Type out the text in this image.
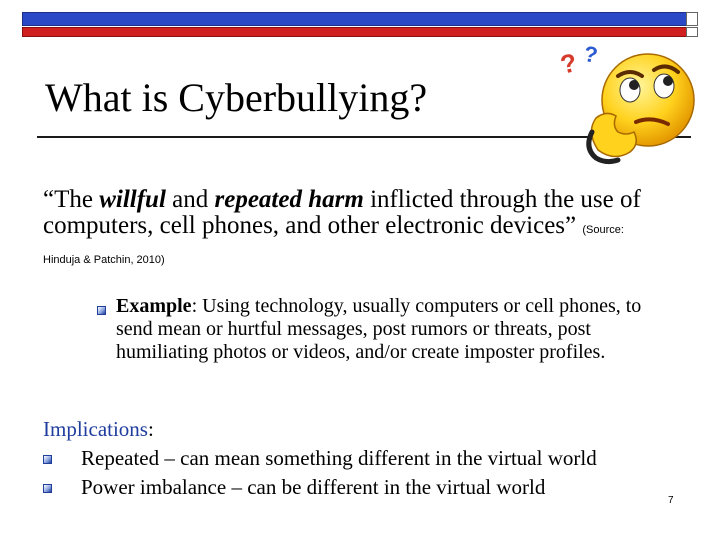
What is Cyberbullying?
? ?
“The willful and repeated harm inflicted through the use of computers, cell phones, and other electronic devices” (Source: Hinduja & Patchin, 2010)
Example: Using technology, usually computers or cell phones, to send mean or hurtful messages, post rumors or threats, post humiliating photos or videos, and/or create imposter profiles.
Implications:
Repeated – can mean something different in the virtual world
Power imbalance – can be different in the virtual world
7
